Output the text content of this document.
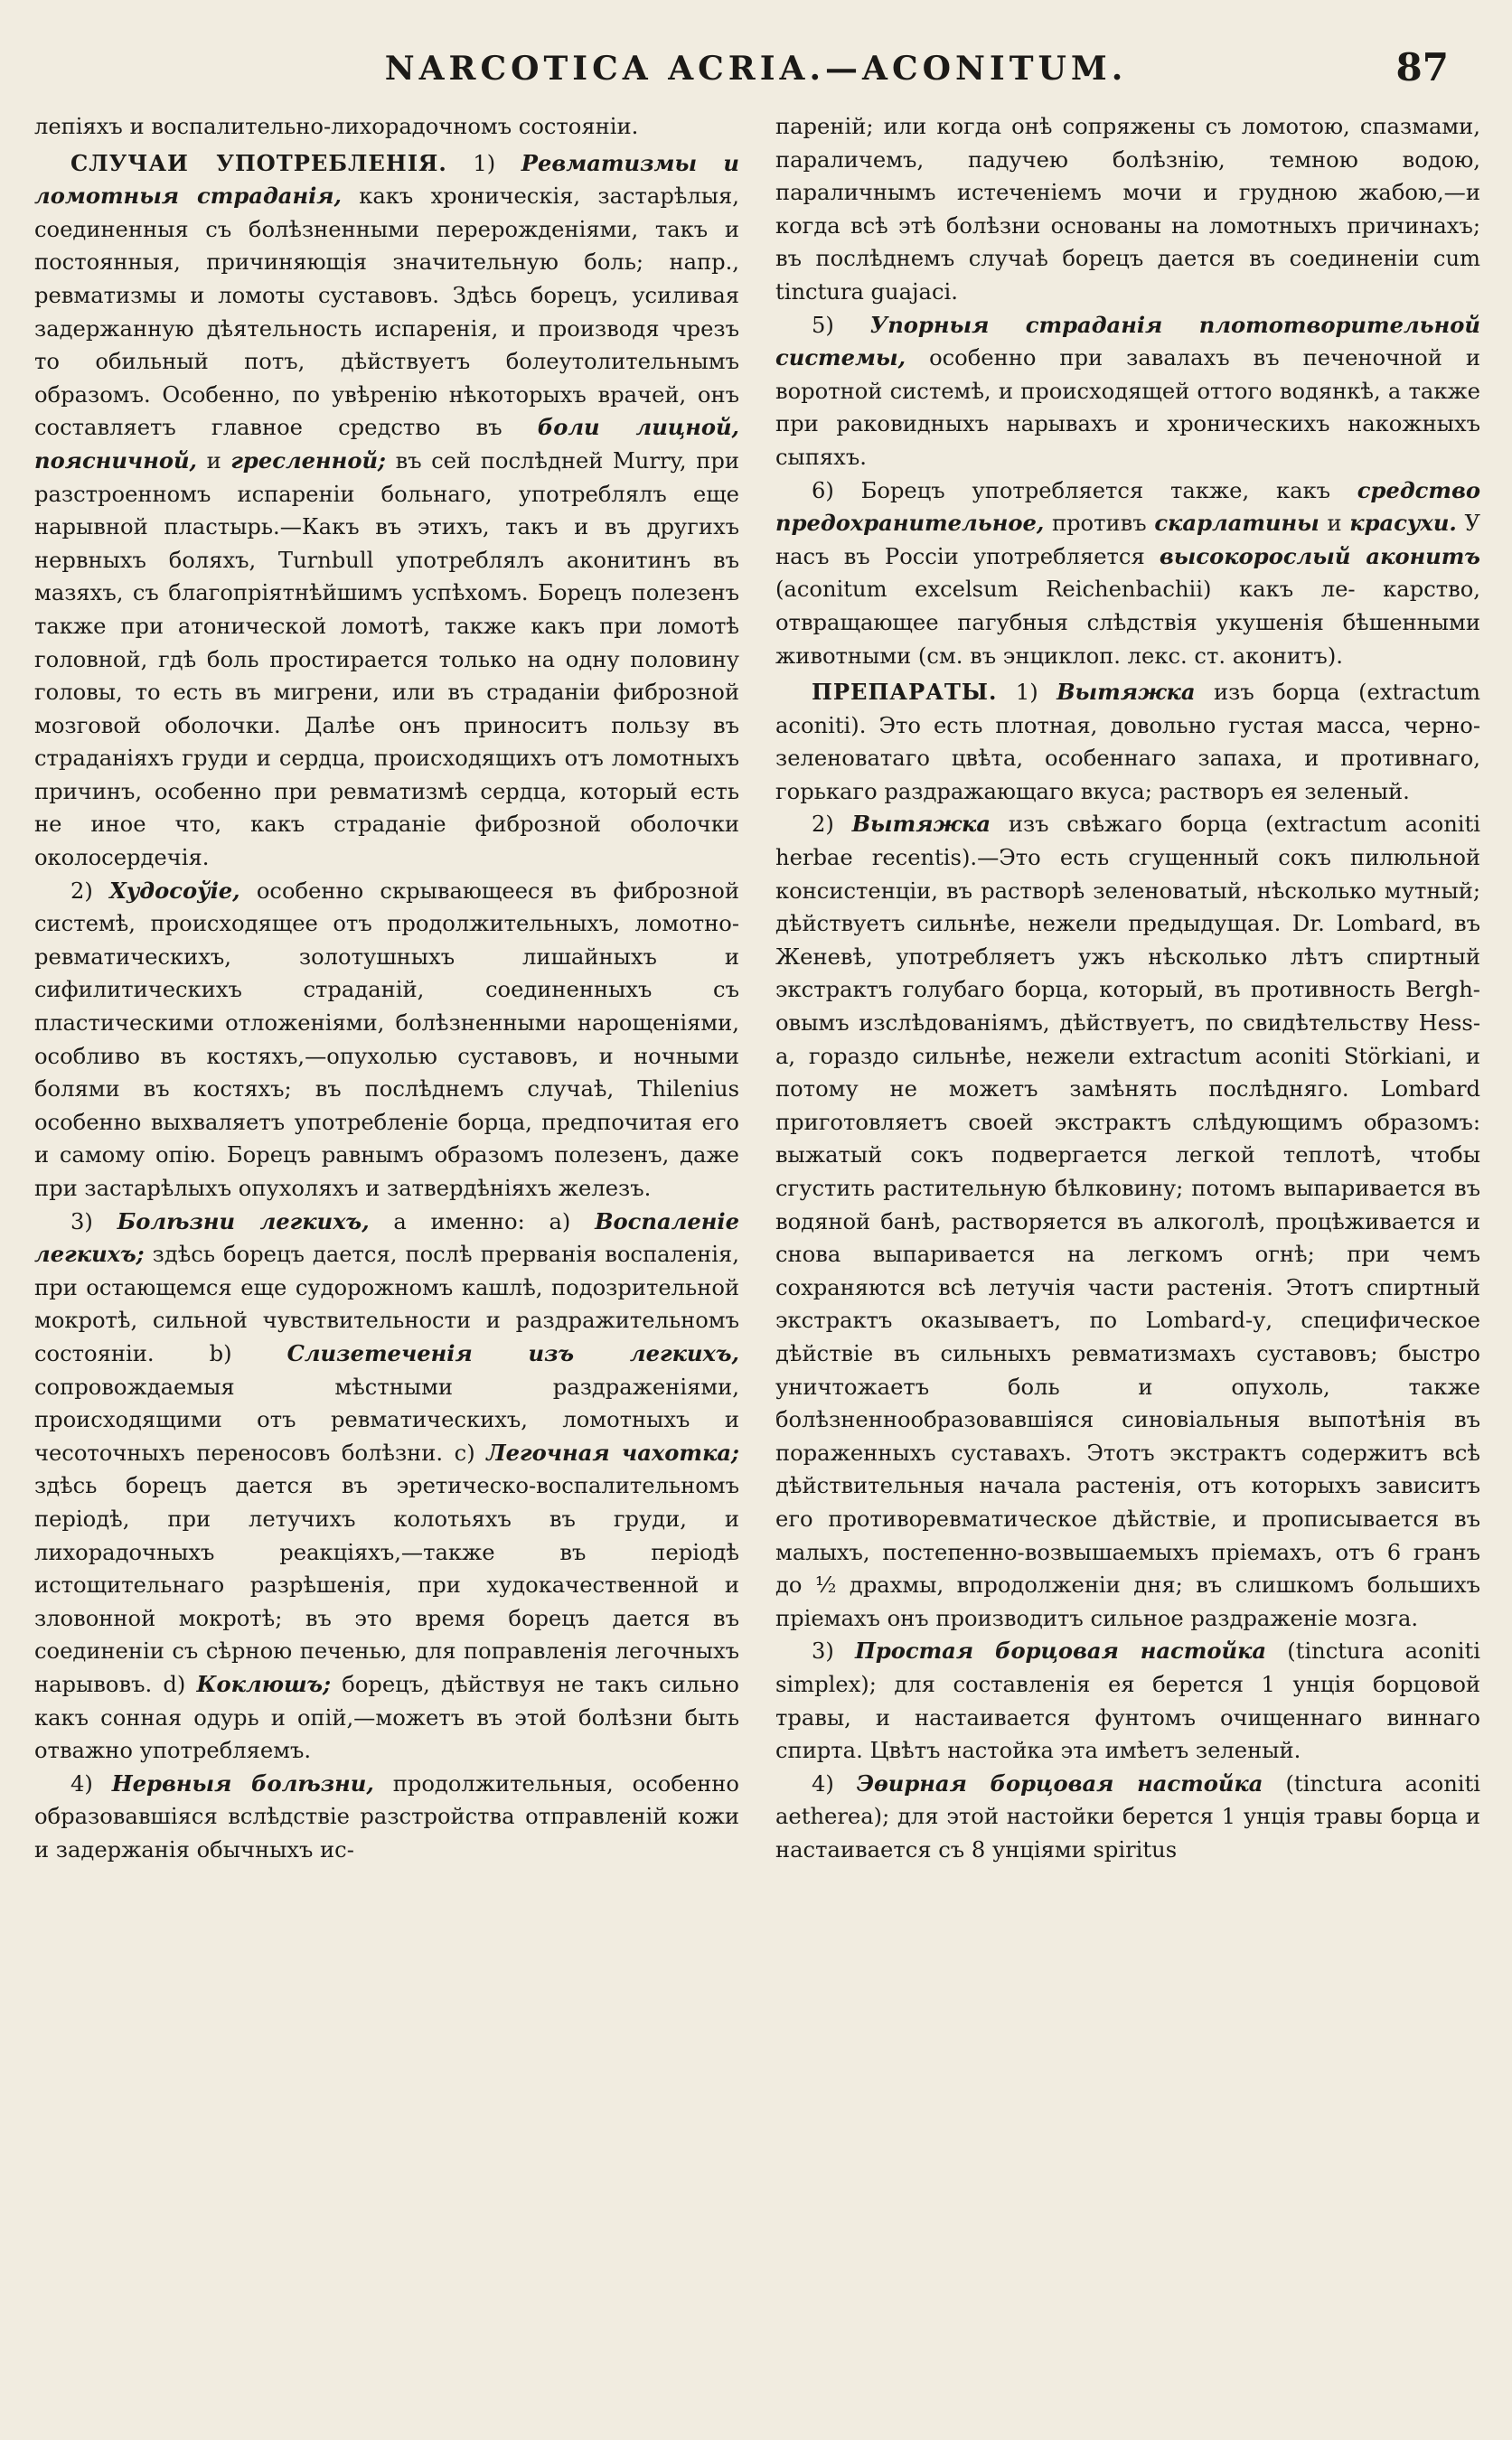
NARCOTICA ACRIA.—ACONITUM.	87

лепіяхъ и воспалительно-лихорадочномъ состояніи.

СЛУЧАИ УПОТРЕБЛЕНІЯ. 1) Ревматизмы и ломотныя страданія, какъ хроническія, застарѣлыя, соединенныя съ болѣзненными перерожденіями, такъ и постоянныя, причиняющія значительную боль; напр., ревматизмы и ломоты суставовъ. Здѣсь борецъ, усиливая задержанную дѣятельность испаренія, и производя чрезъ то обильный потъ, дѣйствуетъ болеутолительнымъ образомъ. Особенно, по увѣренію нѣкоторыхъ врачей, онъ составляетъ главное средство въ боли лицной, поясничной, и гресленной; въ сей послѣдней Murry, при разстроенномъ испареніи больнаго, употреблялъ еще нарывной пластырь.—Какъ въ этихъ, такъ и въ другихъ нервныхъ боляхъ, Turnbull употреблялъ аконитинъ въ мазяхъ, съ благопріятнѣйшимъ успѣхомъ. Борецъ полезенъ также при атонической ломотѣ, также какъ при ломотѣ головной, гдѣ боль простирается только на одну половину головы, то есть въ мигрени, или въ страданіи фиброзной мозговой оболочки. Далѣе онъ приноситъ пользу въ страданіяхъ груди и сердца, происходящихъ отъ ломотныхъ причинъ, особенно при ревматизмѣ сердца, который есть не иное что, какъ страданіе фиброзной оболочки околосердечія.

2) Худосоўіе, особенно скрывающееся въ фиброзной системѣ, происходящее отъ продолжительныхъ, ломотно-ревматическихъ, золотушныхъ лишайныхъ и сифилитическихъ страданій, соединенныхъ съ пластическими отложеніями, болѣзненными нарощеніями, особливо въ костяхъ,—опухолью суставовъ, и ночными болями въ костяхъ; въ послѣднемъ случаѣ, Thilenius особенно выхваляетъ употребленіе борца, предпочитая его и самому опію. Борецъ равнымъ образомъ полезенъ, даже при застарѣлыхъ опухоляхъ и затвердѣніяхъ железъ.

3) Болѣзни легкихъ, а именно: a) Воспаленіе легкихъ; здѣсь борецъ дается, послѣ прерванія воспаленія, при остающемся еще судорожномъ кашлѣ, подозрительной мокротѣ, сильной чувствительности и раздражительномъ состояніи. b)	Слизетеченія изъ легкихъ, сопровождаемыя мѣстными раздраженіями, происходящими отъ ревматическихъ, ломотныхъ и чесоточныхъ переносовъ болѣзни. c) Легочная чахотка; здѣсь борецъ дается въ эретическо-воспалительномъ періодѣ, при летучихъ колотьяхъ въ груди, и лихорадочныхъ реакціяхъ,—также въ періодѣ истощительнаго разрѣшенія, при худокачественной и зловонной мокротѣ; въ это время борецъ дается въ соединеніи съ сѣрною печенью, для поправленія легочныхъ нарывовъ. d) Коклюшъ; борецъ, дѣйствуя не такъ сильно какъ сонная одурь и опій,—можетъ въ этой болѣзни быть отважно употребляемъ.

4) Нервныя болѣзни, продолжительныя, особенно образовавшіяся вслѣдствіе разстройства отправленій кожи и задержанія обычныхъ ис-

пареній; или когда онѣ сопряжены съ ломотою, спазмами, параличемъ, падучею болѣзнію, темною водою, параличнымъ истеченіемъ мочи и грудною жабою,—и когда всѣ этѣ болѣзни основаны на ломотныхъ причинахъ; въ послѣднемъ случаѣ борецъ дается въ соединеніи cum tinctura guajaci.

5) Упорныя страданія плототворительной системы, особенно при завалахъ въ печеночной и воротной системѣ, и происходящей оттого водянкѣ, а также при раковидныхъ нарывахъ и хроническихъ накожныхъ сыпяхъ.

6) Борецъ употребляется также, какъ средство предохранительное, противъ скарлатины и красухи. У насъ въ Россіи употребляется высокорослый аконитъ (aconitum excelsum Reichenbachii) какъ ле- карство, отвращающее пагубныя слѣдствія укушенія бѣшенными животными (см. въ энциклоп. лекс. ст. аконитъ).

ПРЕПАРАТЫ. 1) Вытяжка изъ борца (extractum aconiti). Это есть плотная, довольно густая масса, черно-зеленоватаго цвѣта, особеннаго запаха, и противнаго, горькаго раздражающаго вкуса; растворъ ея зеленый.

2) Вытяжка изъ свѣжаго борца (extractum aconiti herbae recentis).—Это есть сгущенный сокъ пилюльной консистенціи, въ растворѣ зеленоватый, нѣсколько мутный; дѣйствуетъ сильнѣе, нежели предыдущая. Dr. Lombard, въ Женевѣ, употребляетъ ужъ нѣсколько лѣтъ спиртный экстрактъ голубаго борца, который, въ противность Bergh-овымъ изслѣдованіямъ, дѣйствуетъ, по свидѣтельству Hess-а, гораздо сильнѣе, нежели extractum aconiti Störkiani, и потому не можетъ замѣнять послѣдняго. Lombard приготовляетъ своей экстрактъ слѣдующимъ образомъ: выжатый сокъ подвергается легкой теплотѣ, чтобы сгустить растительную бѣлковину; потомъ выпаривается въ водяной банѣ, растворяется въ алкоголѣ, процѣживается и снова выпаривается на легкомъ огнѣ; при чемъ сохраняются всѣ летучія части растенія. Этотъ спиртный экстрактъ оказываетъ, по Lombard-у, специфическое дѣйствіе въ сильныхъ ревматизмахъ суставовъ; быстро уничтожаетъ боль и опухоль, также болѣзненнообразовавшіяся синовіальныя выпотѣнія въ пораженныхъ суставахъ. Этотъ экстрактъ содержитъ всѣ дѣйствительныя начала растенія, отъ которыхъ зависитъ его противоревматическое дѣйствіе, и прописывается въ малыхъ, постепенно-возвышаемыхъ пріемахъ, отъ 6 гранъ до ½ драхмы, впродолженіи дня; въ слишкомъ большихъ пріемахъ онъ производитъ сильное раздраженіе мозга.

3) Простая борцовая настойка (tinctura aconiti simplex); для составленія ея берется 1 унція борцовой травы, и настаивается фунтомъ очищеннаго виннаго спирта. Цвѣтъ настойка эта имѣетъ зеленый.

4) Эѳирная борцовая настойка (tinctura aconiti aetherea); для этой настойки берется 1 унція травы борца и настаивается съ 8 унціями spiritus
